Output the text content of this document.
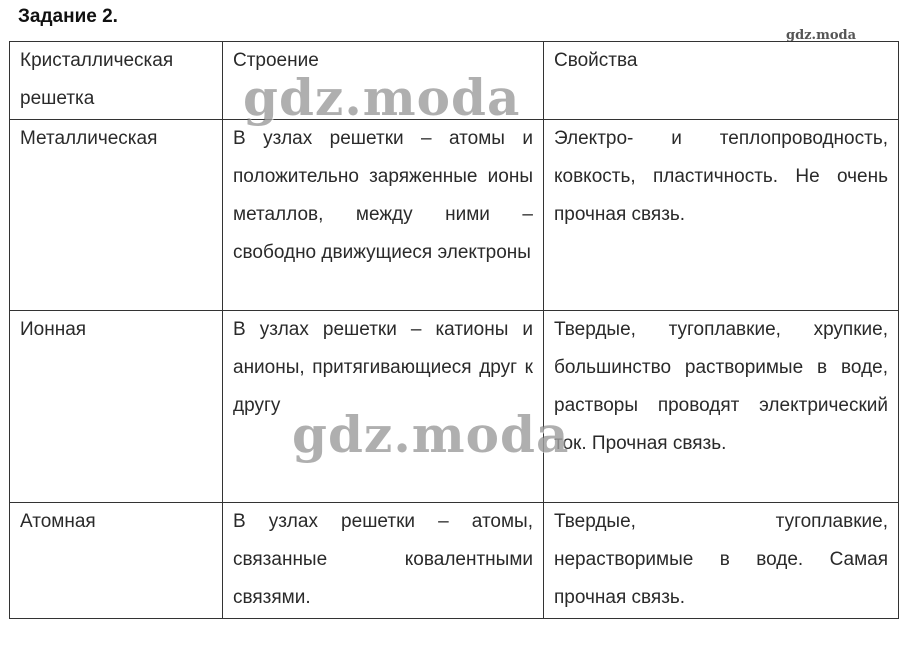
Задание 2.
gdz.moda
Кристаллическая решетка	Строение	Свойства
Металлическая	В узлах решетки – атомы и положительно заряженные ионы металлов, между ними – свободно движущиеся электроны	Электро- и теплопроводность, ковкость, пластичность. Не очень прочная связь.
Ионная	В узлах решетки – катионы и анионы, притягивающиеся друг к другу	Твердые, тугоплавкие, хрупкие, большинство растворимые в воде, растворы проводят электрический ток. Прочная связь.
Атомная	В узлах решетки – атомы, связанные ковалентными связями.	Твердые, тугоплавкие, нерастворимые в воде. Самая прочная связь.
gdz.moda
gdz.moda
